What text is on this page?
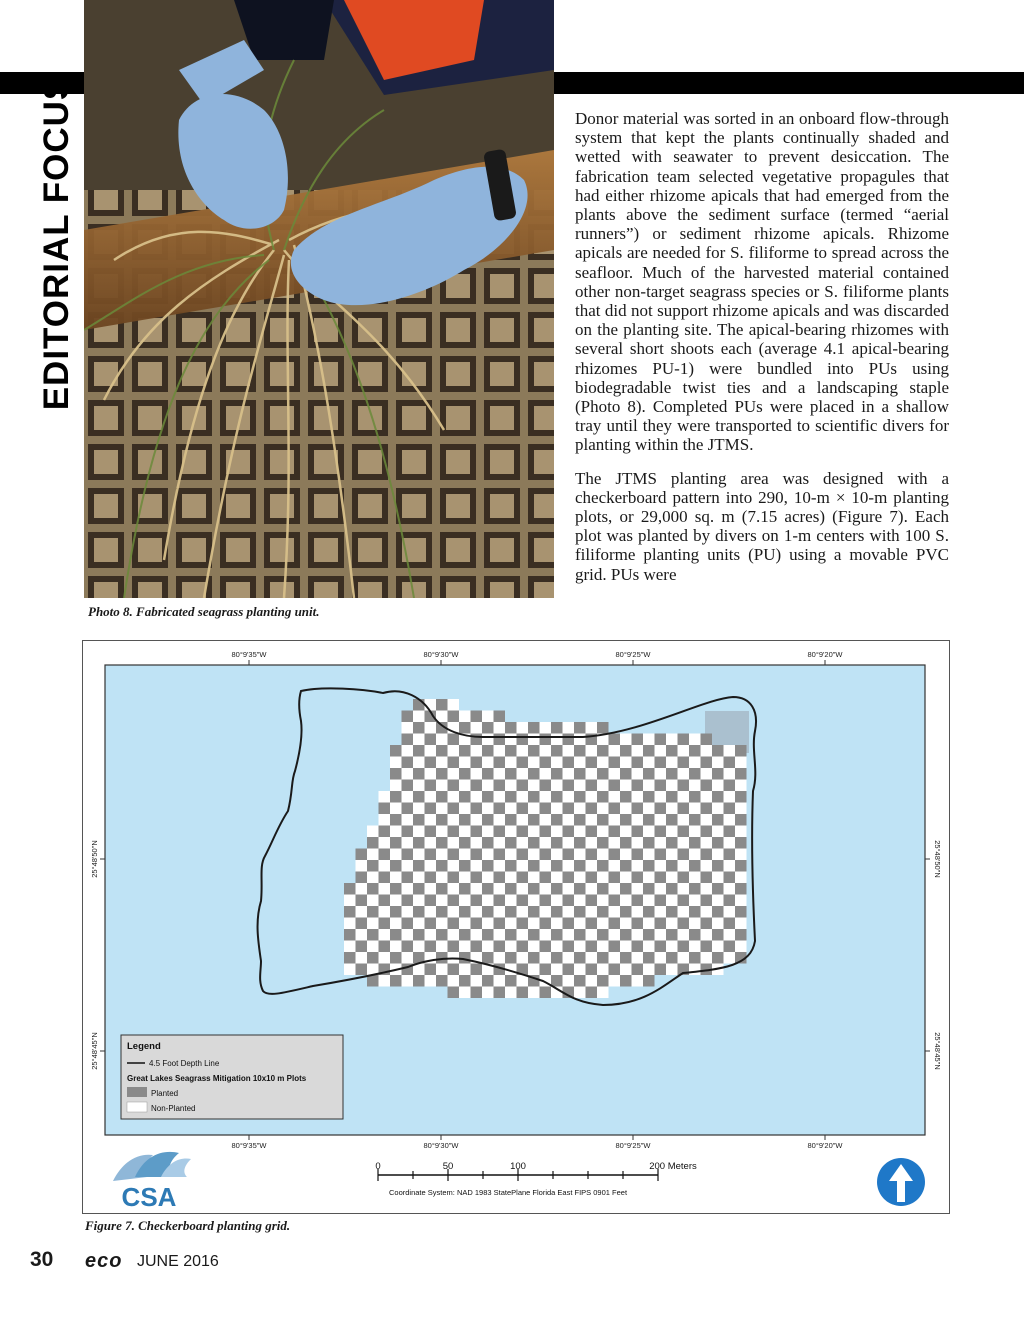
EDITORIAL FOCUS
Photo 8. Fabricated seagrass planting unit.

Donor material was sorted in an onboard flow-through system that kept the plants continually shaded and wetted with seawater to prevent desiccation. The fabrication team selected vegetative propagules that had either rhizome apicals that had emerged from the plants above the sediment surface (termed “aerial runners”) or sediment rhizome apicals. Rhizome apicals are needed for S. filiforme to spread across the seafloor. Much of the harvested material contained other non-target seagrass species or S. filiforme plants that did not support rhizome apicals and was discarded on the planting site. The apical-bearing rhizomes with several short shoots each (average 4.1 apical-bearing rhizomes PU-1) were bundled into PUs using biodegradable twist ties and a landscaping staple (Photo 8). Completed PUs were placed in a shallow tray until they were transported to scientific divers for planting within the JTMS.

The JTMS planting area was designed with a checkerboard pattern into 290, 10-m × 10-m planting plots, or 29,000 sq. m (7.15 acres) (Figure 7). Each plot was planted by divers on 1-m centers with 100 S. filiforme planting units (PU) using a movable PVC grid. PUs were

80°9'35"W	80°9'30"W	80°9'25"W	80°9'20"W
80°9'35"W	80°9'30"W	80°9'25"W	80°9'20"W
25°48'50"N
25°48'45"N
25°48'50"N
25°48'45"N
Legend
4.5 Foot Depth Line
Great Lakes Seagrass Mitigation 10x10 m Plots
Planted
Non-Planted
CSA
0	50	100	200 Meters
Coordinate System: NAD 1983 StatePlane Florida East FIPS 0901 Feet
Figure 7. Checkerboard planting grid.
30 eco JUNE 2016
